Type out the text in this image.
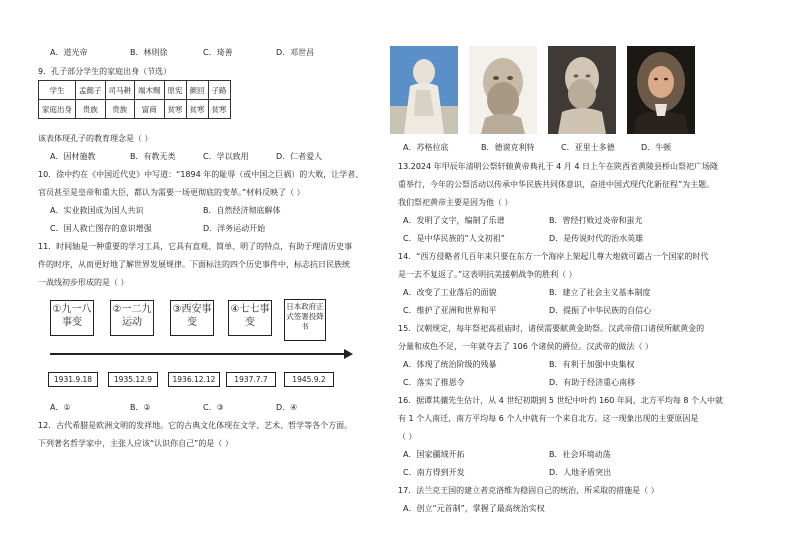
A．道光帝	B．林则徐	C．琦善	D．邓世昌
9．孔子部分学生的家庭出身（节选）
学生	孟懿子	司马耕	端木赐	原宪	颜回	子路
家庭出身	贵族	贵族	富商	贫寒	贫寒	贫寒
该表体现孔子的教育理念是（ ）
A．因材施教	B．有教无类	C．学以致用	D．仁者爱人
10．徐中约在《中国近代史》中写道：“1894 年的耻辱（或中国之巨祸）的大败，让学者、
官员甚至是皇帝和重大臣，都认为需要一场更彻底的变革。”材料反映了（ ）
A．实业救国成为国人共识	B．自然经济彻底解体
C．国人救亡图存的意识增强	D．洋务运动开始
11．时间轴是一种重要的学习工具，它具有直观、简单、明了的特点，有助于理清历史事
件的时序，从而更好地了解世界发展规律。下面标注的四个历史事件中，标志抗日民族统
一战线初步形成的是（ ）
①九一八事变
②一二九运动
③西安事变
④七七事变
日本政府正式签署投降书
1931.9.18	1935.12.9	1936.12.12	1937.7.7	1945.9.2
A．①	B．②	C．③	D．④
12．古代希腊是欧洲文明的发祥地。它的古典文化体现在文学、艺术、哲学等各个方面。
下列著名哲学家中，主张人应该“认识你自己”的是（ ）
A．苏格拉底	B．德谟克利特	C．亚里士多德	D．牛顿
13.2024 年甲辰年清明公祭轩辕黄帝典礼于 4 月 4 日上午在陕西省黄陵县桥山祭祀广场隆
重举行，今年的公祭活动以传承中华民族共同体意识，奋进中国式现代化新征程”为主题。
我们祭祀黄帝主要是因为他（ ）
A．发明了文字，编制了乐谱	B．曾经打败过炎帝和蚩尤
C．是中华民族的“人文初祖”	D．是传说时代的治水英雄
14．“西方侵略者几百年来只要在东方一个海岸上架起几尊大炮就可霸占一个国家的时代
是一去不复返了。”这表明抗美援朝战争的胜利（ ）
A．改变了工业落后的面貌	B．建立了社会主义基本制度
C．维护了亚洲和世界和平	D．提振了中华民族的自信心
15．汉朝规定，每年祭祀高祖庙时，诸侯需要献黄金助祭。汉武帝借口诸侯所献黄金的
分量和成色不足，一年就夺去了 106 个诸侯的爵位。汉武帝的做法（ ）
A．体现了统治阶级的残暴	B．有利于加强中央集权
C．落实了推恩令	D．有助于经济重心南移
16．据谭其骧先生估计，从 4 世纪初期到 5 世纪中叶约 160 年间，北方平均每 8 个人中就
有 1 个人南迁，南方平均每 6 个人中就有一个来自北方。这一现象出现的主要原因是
（ ）
A．国家疆域开拓	B．社会环境动荡
C．南方得到开发	D．人地矛盾突出
17．法兰克王国的建立者克洛维为稳固自己的统治，所采取的措施是（ ）
A．创立“元首制”，掌握了最高统治实权
